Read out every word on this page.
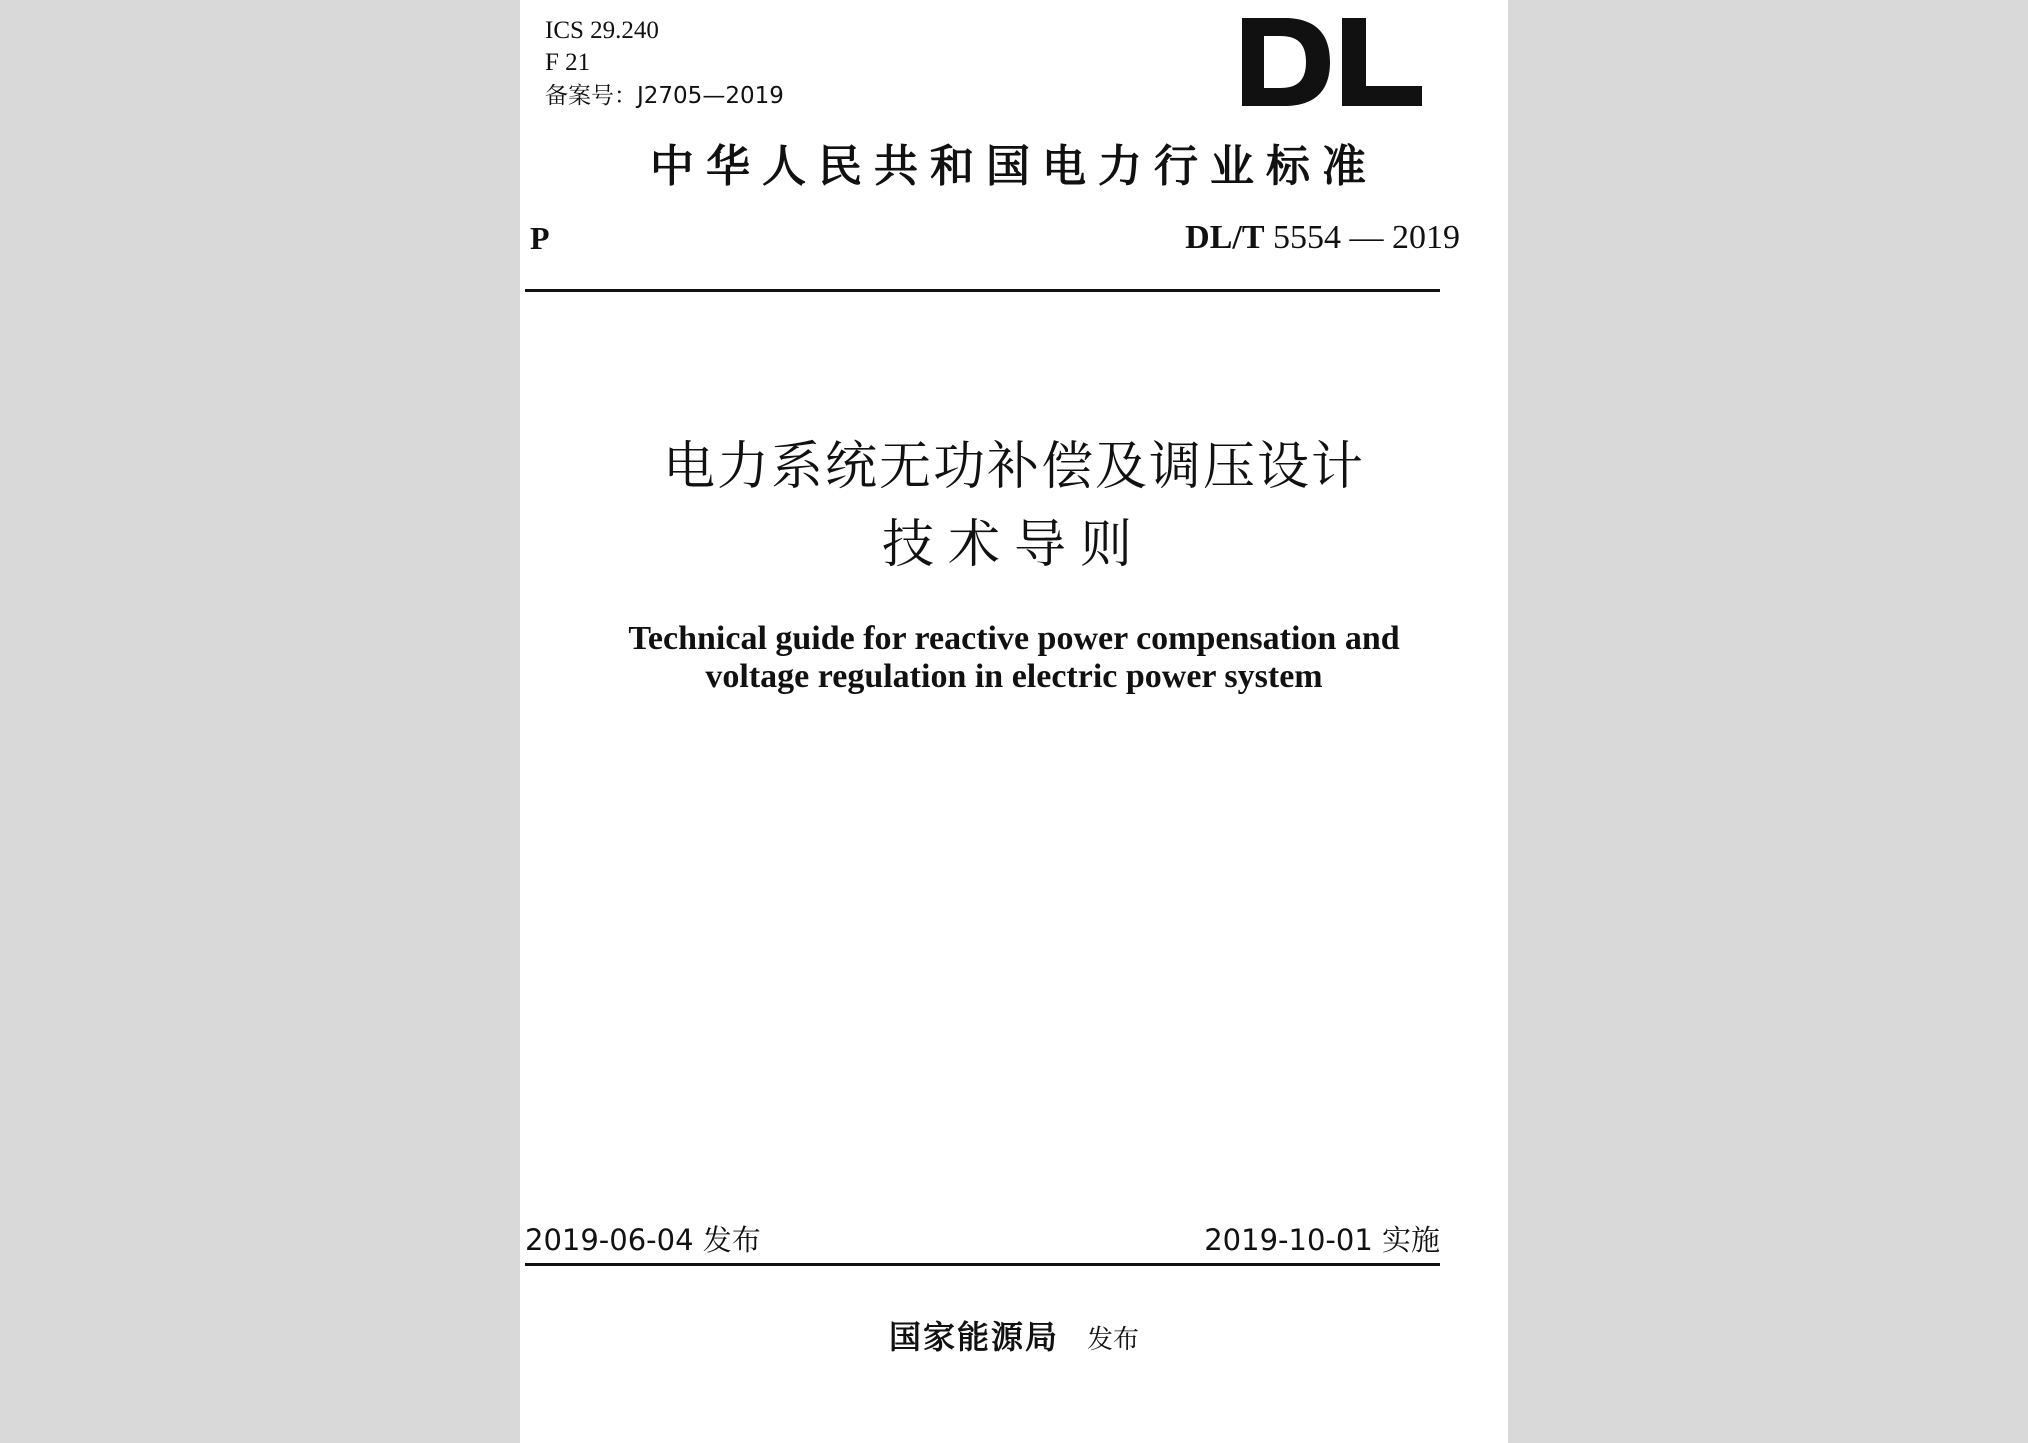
ICS 29.240
F 21
备案号：J2705—2019
中华人民共和国电力行业标准
P	DL/T 5554 — 2019
电力系统无功补偿及调压设计
技术导则
Technical guide for reactive power compensation and
voltage regulation in electric power system
2019-06-04 发布	2019-10-01 实施
国家能源局 发布
